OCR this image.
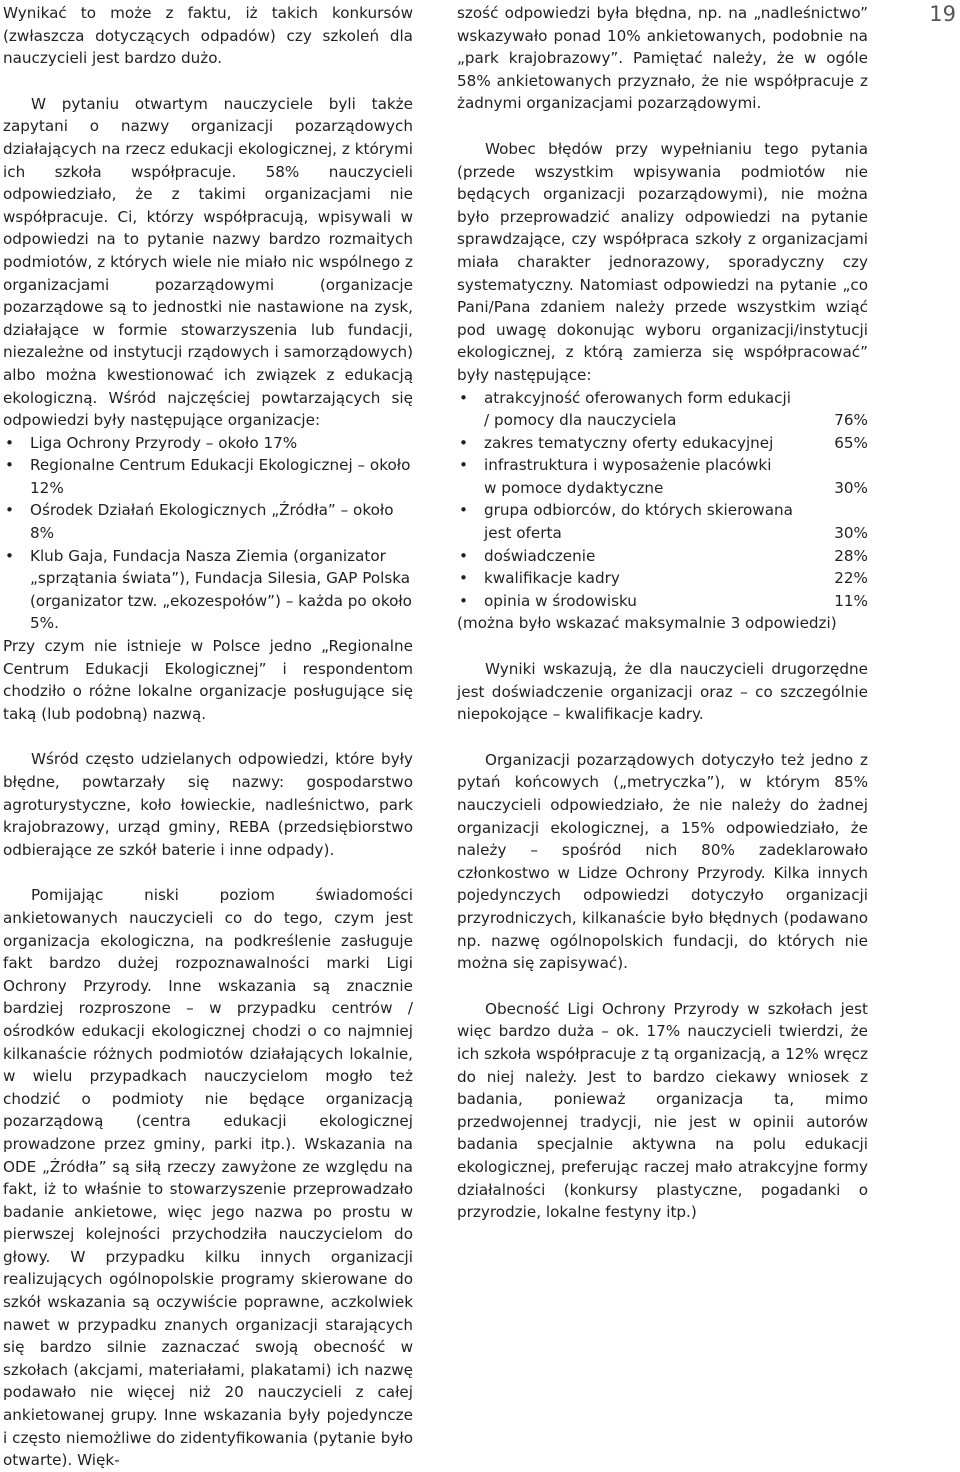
19

Wynikać to może z faktu, iż takich konkursów (zwłaszcza dotyczących odpadów) czy szkoleń dla nauczycieli jest bardzo dużo.

W pytaniu otwartym nauczyciele byli także zapytani o nazwy organizacji pozarządowych działających na rzecz edukacji ekologicznej, z którymi ich szkoła współpracuje. 58% nauczycieli odpowiedziało, że z takimi organizacjami nie współpracuje. Ci, którzy współpracują, wpisywali w odpowiedzi na to pytanie nazwy bardzo rozmaitych podmiotów, z których wiele nie miało nic wspólnego z organizacjami pozarządowymi (organizacje pozarządowe są to jednostki nie nastawione na zysk, działające w formie stowarzyszenia lub fundacji, niezależne od instytucji rządowych i samorządowych) albo można kwestionować ich związek z edukacją ekologiczną. Wśród najczęściej powtarzających się odpowiedzi były następujące organizacje:

• Liga Ochrony Przyrody – około 17%
• Regionalne Centrum Edukacji Ekologicznej – około 12%
• Ośrodek Działań Ekologicznych „Źródła” – około 8%
• Klub Gaja, Fundacja Nasza Ziemia (organizator „sprzątania świata”), Fundacja Silesia, GAP Polska (organizator tzw. „ekozespołów”) – każda po około 5%.

Przy czym nie istnieje w Polsce jedno „Regionalne Centrum Edukacji Ekologicznej” i respondentom chodziło o różne lokalne organizacje posługujące się taką (lub podobną) nazwą.

Wśród często udzielanych odpowiedzi, które były błędne, powtarzały się nazwy: gospodarstwo agroturystyczne, koło łowieckie, nadleśnictwo, park krajobrazowy, urząd gminy, REBA (przedsiębiorstwo odbierające ze szkół baterie i inne odpady).

Pomijając niski poziom świadomości ankietowanych nauczycieli co do tego, czym jest organizacja ekologiczna, na podkreślenie zasługuje fakt bardzo dużej rozpoznawalności marki Ligi Ochrony Przyrody. Inne wskazania są znacznie bardziej rozproszone – w przypadku centrów / ośrodków edukacji ekologicznej chodzi o co najmniej kilkanaście różnych podmiotów działających lokalnie, w wielu przypadkach nauczycielom mogło też chodzić o podmioty nie będące organizacją pozarządową (centra edukacji ekologicznej prowadzone przez gminy, parki itp.). Wskazania na ODE „Źródła” są siłą rzeczy zawyżone ze względu na fakt, iż to właśnie to stowarzyszenie przeprowadzało badanie ankietowe, więc jego nazwa po prostu w pierwszej kolejności przychodziła nauczycielom do głowy. W przypadku kilku innych organizacji realizujących ogólnopolskie programy skierowane do szkół wskazania są oczywiście poprawne, aczkolwiek nawet w przypadku znanych organizacji starających się bardzo silnie zaznaczać swoją obecność w szkołach (akcjami, materiałami, plakatami) ich nazwę podawało nie więcej niż 20 nauczycieli z całej ankietowanej grupy. Inne wskazania były pojedyncze i często niemożliwe do zidentyfikowania (pytanie było otwarte). Więk-

szość odpowiedzi była błędna, np. na „nadleśnictwo” wskazywało ponad 10% ankietowanych, podobnie na „park krajobrazowy”. Pamiętać należy, że w ogóle 58% ankietowanych przyznało, że nie współpracuje z żadnymi organizacjami pozarządowymi.

Wobec błędów przy wypełnianiu tego pytania (przede wszystkim wpisywania podmiotów nie będących organizacji pozarządowymi), nie można było przeprowadzić analizy odpowiedzi na pytanie sprawdzające, czy współpraca szkoły z organizacjami miała charakter jednorazowy, sporadyczny czy systematyczny. Natomiast odpowiedzi na pytanie „co Pani/Pana zdaniem należy przede wszystkim wziąć pod uwagę dokonując wyboru organizacji/instytucji ekologicznej, z którą zamierza się współpracować” były następujące:

• atrakcyjność oferowanych form edukacji
/ pomocy dla nauczyciela	76%
• zakres tematyczny oferty edukacyjnej	65%
• infrastruktura i wyposażenie placówki
w pomoce dydaktyczne	30%
• grupa odbiorców, do których skierowana
jest oferta	30%
• doświadczenie	28%
• kwalifikacje kadry	22%
• opinia w środowisku	11%

(można było wskazać maksymalnie 3 odpowiedzi)

Wyniki wskazują, że dla nauczycieli drugorzędne jest doświadczenie organizacji oraz – co szczególnie niepokojące – kwalifikacje kadry.

Organizacji pozarządowych dotyczyło też jedno z pytań końcowych („metryczka”), w którym 85% nauczycieli odpowiedziało, że nie należy do żadnej organizacji ekologicznej, a 15% odpowiedziało, że należy – spośród nich 80% zadeklarowało członkostwo w Lidze Ochrony Przyrody. Kilka innych pojedynczych odpowiedzi dotyczyło organizacji przyrodniczych, kilkanaście było błędnych (podawano np. nazwę ogólnopolskich fundacji, do których nie można się zapisywać).

Obecność Ligi Ochrony Przyrody w szkołach jest więc bardzo duża – ok. 17% nauczycieli twierdzi, że ich szkoła współpracuje z tą organizacją, a 12% wręcz do niej należy. Jest to bardzo ciekawy wniosek z badania, ponieważ organizacja ta, mimo przedwojennej tradycji, nie jest w opinii autorów badania specjalnie aktywna na polu edukacji ekologicznej, preferując raczej mało atrakcyjne formy działalności (konkursy plastyczne, pogadanki o przyrodzie, lokalne festyny itp.)
